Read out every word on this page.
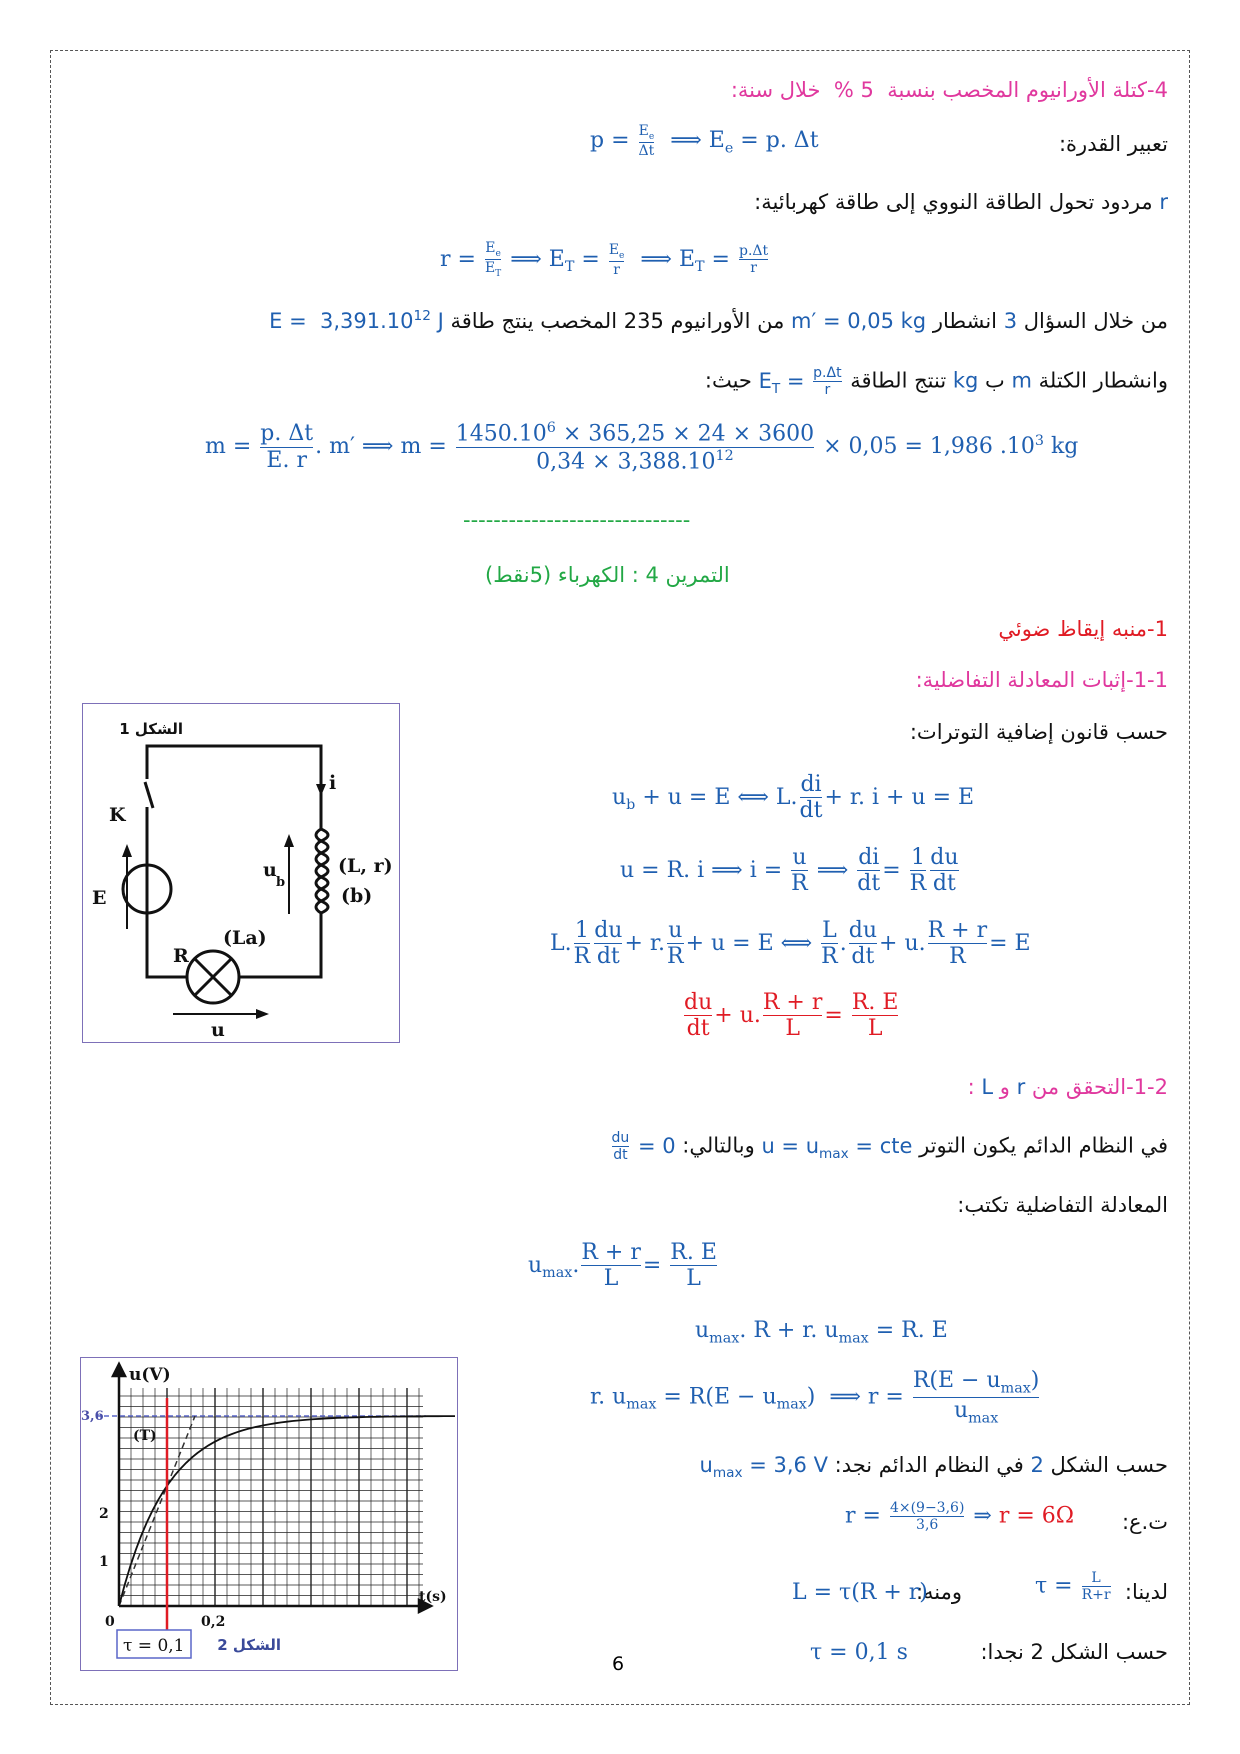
4-كتلة الأورانيوم المخصب بنسبة  % 5  خلال سنة:
تعبير القدرة:
$p = \frac{E_e}{\Delta t}$ ⟹ $E_e = p$. Δt
r مردود تحول الطاقة النووي إلى طاقة كهربائية:
$r = \frac{E_e}{E_T}$ ⟹ $E_T = \frac{E_e}{r}$ ⟹ $E_T = \frac{p.\Delta t}{r}$
من خلال السؤال 3 انشطار m′ = 0,05 kg من الأورانيوم 235 المخصب ينتج طاقة E =  3,391.10$^{12}$ J
وانشطار الكتلة m ب kg تنتج الطاقة $E_T = \frac{p.\Delta t}{r}$
حيث:
$m = \frac{p. \Delta t}{E. r}$ . m′ ⟹ $m = \frac{1450.10^6 \times 365,25 \times 24 \times 3600}{0,34 \times 3,388.10^{12}} \times 0,05 = 1,986$ $.10^3$ kg
------------------------------
التمرين 4 : الكهرباء (5نقط)
1-منبه إيقاظ ضوئي
1-1-إثبات المعادلة التفاضلية:
حسب قانون إضافية التوترات:
$u_b + u = E$ ⟺ L. $\frac{di}{dt} + r$. i + u = E
u = R. i ⟹ $i = \frac{u}{R}$ ⟹ $\frac{di}{dt} = \frac{1}{R} \frac{du}{dt}$
L. $\frac{1}{R} \frac{du}{dt} + r$. $\frac{u}{R} + u = E$ ⟺ $\frac{L}{R}$ . $\frac{du}{dt} + u$. $\frac{R + r}{R} = E$
$\frac{du}{dt} + u$. $\frac{R + r}{L} = \frac{R. E}{L}$
1-2-التحقق من r و L :
في النظام الدائم يكون التوتر $u = u_{max}$ = cte وبالتالي:
$\frac{du}{dt} = 0$
المعادلة التفاضلية تكتب:
$u_{max}$. $\frac{R + r}{L} = \frac{R. E}{L}$
$u_{max}$. R + r. $u_{max} = R$. E
r. $u_{max} = R(E - u_{max})$  ⟹ $r = \frac{R(E - u_{max})}{u_{max}}$
حسب الشكل 2 في النظام الدائم نجد: $u_{max} = 3,6$ V
ت.ع:
$r = \frac{4\times(9-3,6)}{3,6}$ ⇒ r = 6Ω
لدينا:
$\tau = \frac{L}{R+r}$
ومنه:
L = τ(R + r)
حسب الشكل 2 نجدا:
τ = 0,1 s
الشكل 1
K
E
R
(La)
i
u
b
(L, r)
(b)
u
u(V)
t(s)
1
2
3,6
0	0,2
(T)
الشكل 2
τ = 0,1
6
